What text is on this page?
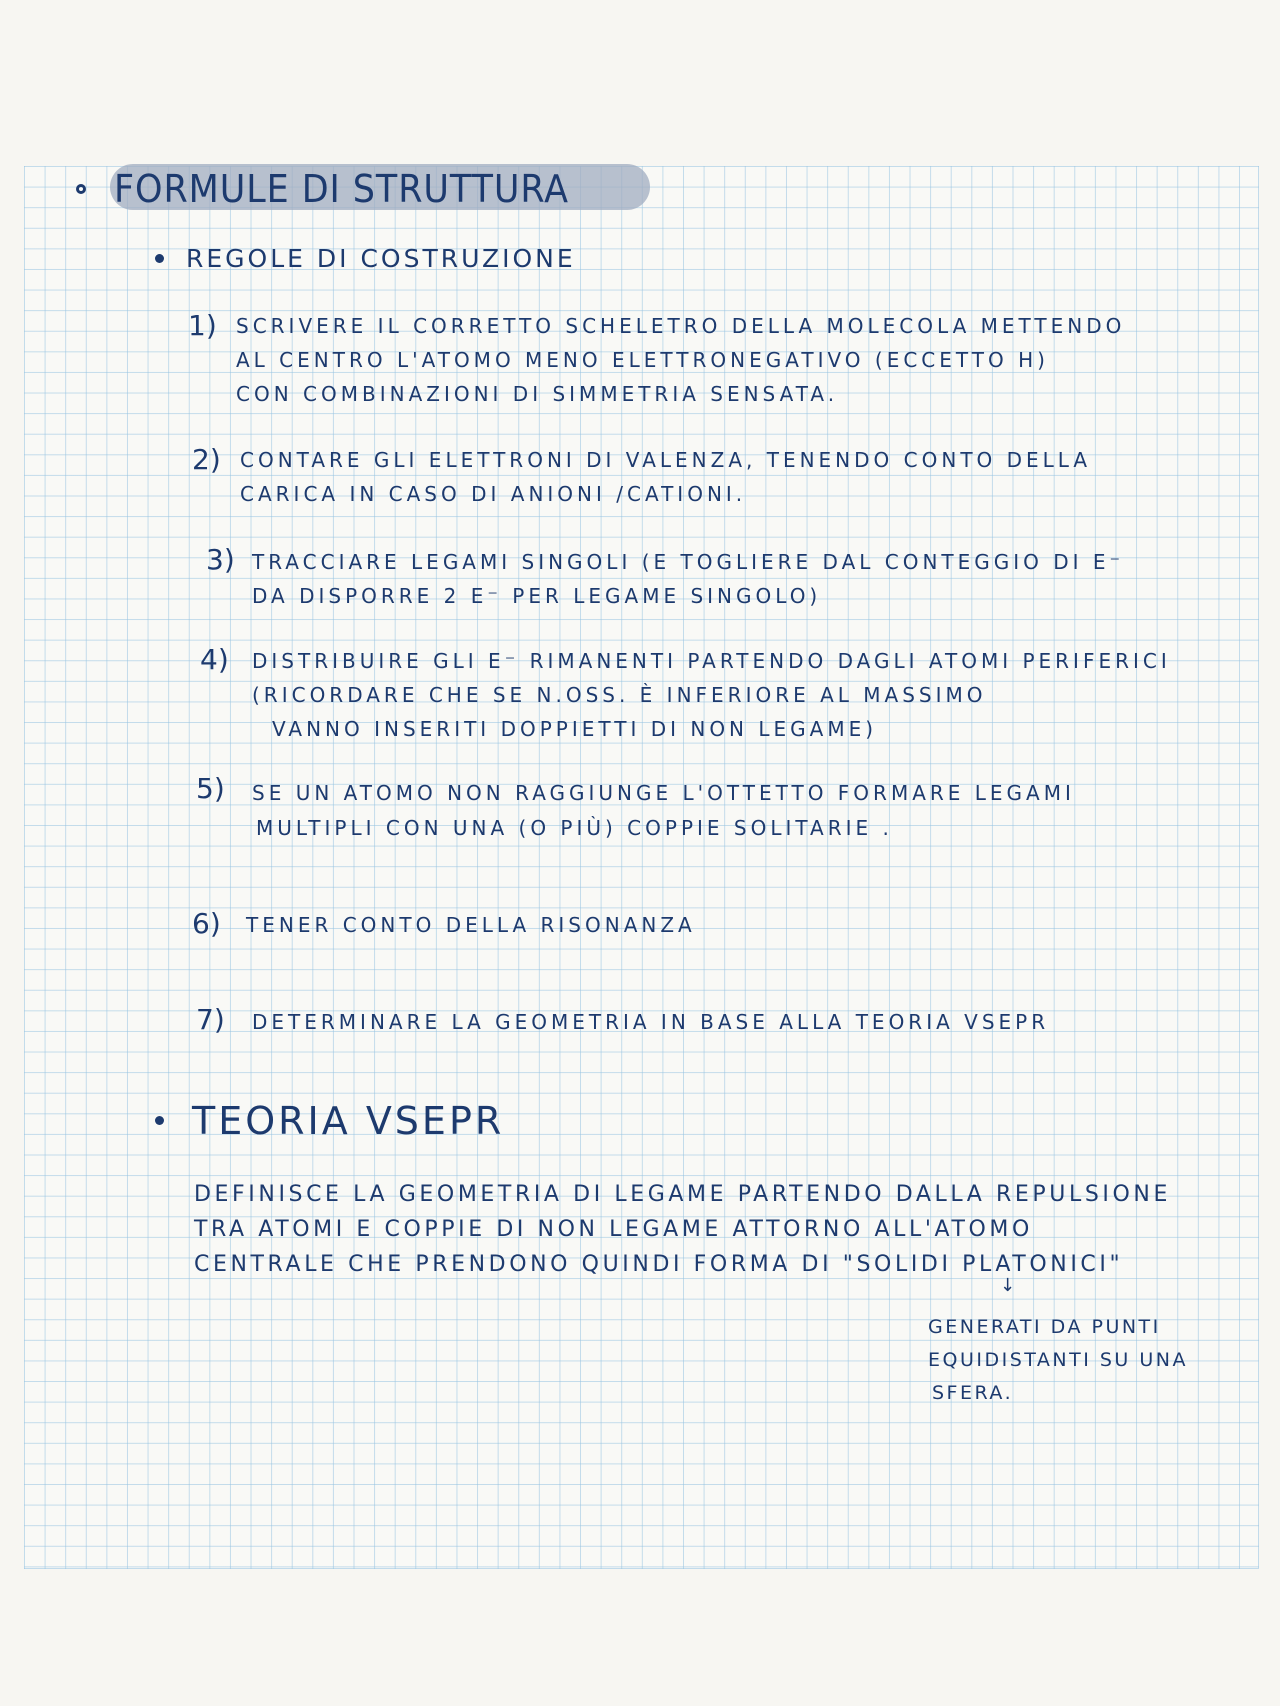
FORMULE DI STRUTTURA
REGOLE DI COSTRUZIONE
1) SCRIVERE IL CORRETTO SCHELETRO DELLA MOLECOLA METTENDO
AL CENTRO L'ATOMO MENO ELETTRONEGATIVO (ECCETTO H)
CON COMBINAZIONI DI SIMMETRIA SENSATA.
2) CONTARE GLI ELETTRONI DI VALENZA, TENENDO CONTO DELLA
CARICA IN CASO DI ANIONI /CATIONI.
3) TRACCIARE LEGAMI SINGOLI (E TOGLIERE DAL CONTEGGIO DI E⁻
DA DISPORRE 2 E⁻ PER LEGAME SINGOLO)
4) DISTRIBUIRE GLI E⁻ RIMANENTI PARTENDO DAGLI ATOMI PERIFERICI
(RICORDARE CHE SE N.OSS. È INFERIORE AL MASSIMO
VANNO INSERITI DOPPIETTI DI NON LEGAME)
5) SE UN ATOMO NON RAGGIUNGE L'OTTETTO FORMARE LEGAMI
MULTIPLI CON UNA (O PIÙ) COPPIE SOLITARIE .
6) TENER CONTO DELLA RISONANZA
7) DETERMINARE LA GEOMETRIA IN BASE ALLA TEORIA VSEPR
TEORIA VSEPR
DEFINISCE LA GEOMETRIA DI LEGAME PARTENDO DALLA REPULSIONE
TRA ATOMI E COPPIE DI NON LEGAME ATTORNO ALL'ATOMO
CENTRALE CHE PRENDONO QUINDI FORMA DI "SOLIDI PLATONICI"
↓
GENERATI DA PUNTI
EQUIDISTANTI SU UNA
SFERA.
